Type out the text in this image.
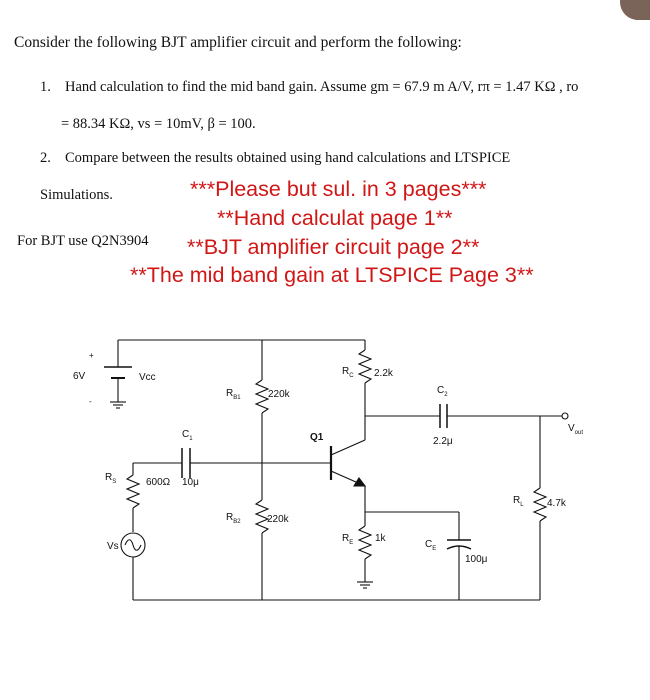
Consider the following BJT amplifier circuit and perform the following:
1. Hand calculation to find the mid band gain. Assume gm = 67.9 m A/V, rπ = 1.47 KΩ , ro
= 88.34 KΩ, vs = 10mV, β = 100.
2. Compare between the results obtained using hand calculations and LTSPICE
Simulations.
For BJT use Q2N3904
***Please but sul. in 3 pages***
**Hand calculat page 1**
**BJT amplifier circuit page 2**
**The mid band gain at LTSPICE Page 3**
+
-
6V	Vcc
$R_{B1}$	220k
$R_{B2}$	220k
$C_1$
600Ω 10μ
$R_S$
Vs
Q1
$R_C$ 2.2k
$C_2$
2.2μ
$R_E$ 1k
$C_E$
100μ
$R_L$ 4.7k
$V_{out}$
